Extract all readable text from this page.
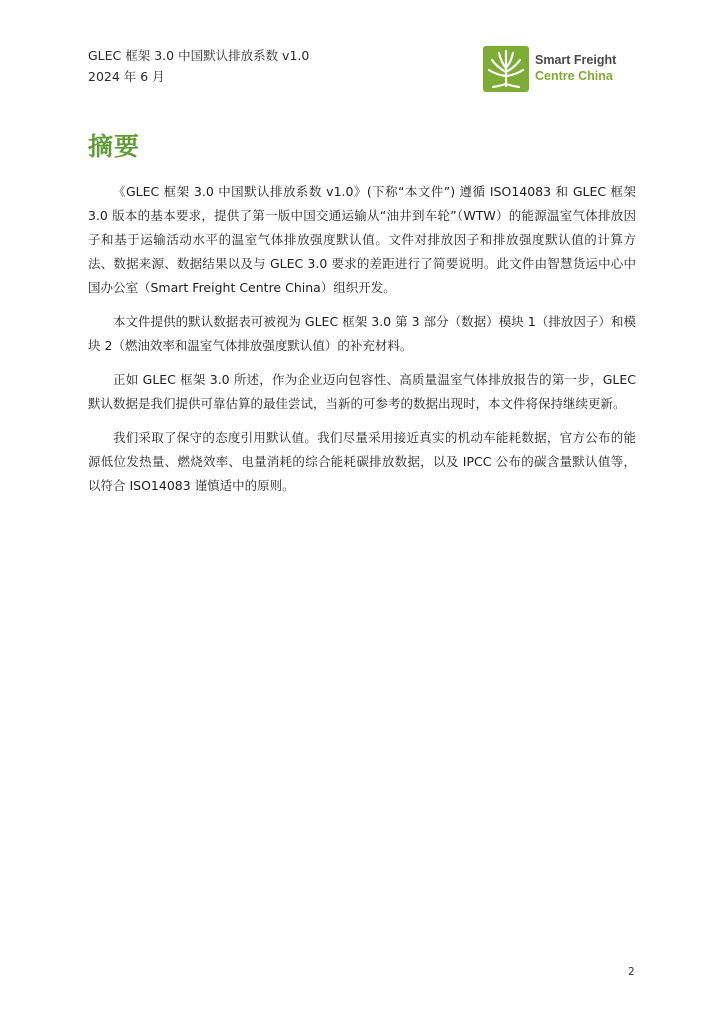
GLEC 框架 3.0 中国默认排放系数 v1.0
2024 年 6 月
Smart Freight
Centre China
摘要

《GLEC 框架 3.0 中国默认排放系数 v1.0》(下称“本文件”) 遵循 ISO14083 和 GLEC 框架 3.0 版本的基本要求，提供了第一版中国交通运输从“油井到车轮”（WTW）的能源温室气体排放因子和基于运输活动水平的温室气体排放强度默认值。文件对排放因子和排放强度默认值的计算方法、数据来源、数据结果以及与 GLEC 3.0 要求的差距进行了简要说明。此文件由智慧货运中心中国办公室（Smart Freight Centre China）组织开发。

本文件提供的默认数据表可被视为 GLEC 框架 3.0 第 3 部分（数据）模块 1（排放因子）和模块 2（燃油效率和温室气体排放强度默认值）的补充材料。

正如 GLEC 框架 3.0 所述，作为企业迈向包容性、高质量温室气体排放报告的第一步，GLEC 默认数据是我们提供可靠估算的最佳尝试，当新的可参考的数据出现时，本文件将保持继续更新。

我们采取了保守的态度引用默认值。我们尽量采用接近真实的机动车能耗数据，官方公布的能源低位发热量、燃烧效率、电量消耗的综合能耗碳排放数据，以及 IPCC 公布的碳含量默认值等，以符合 ISO14083 谨慎适中的原则。

2
